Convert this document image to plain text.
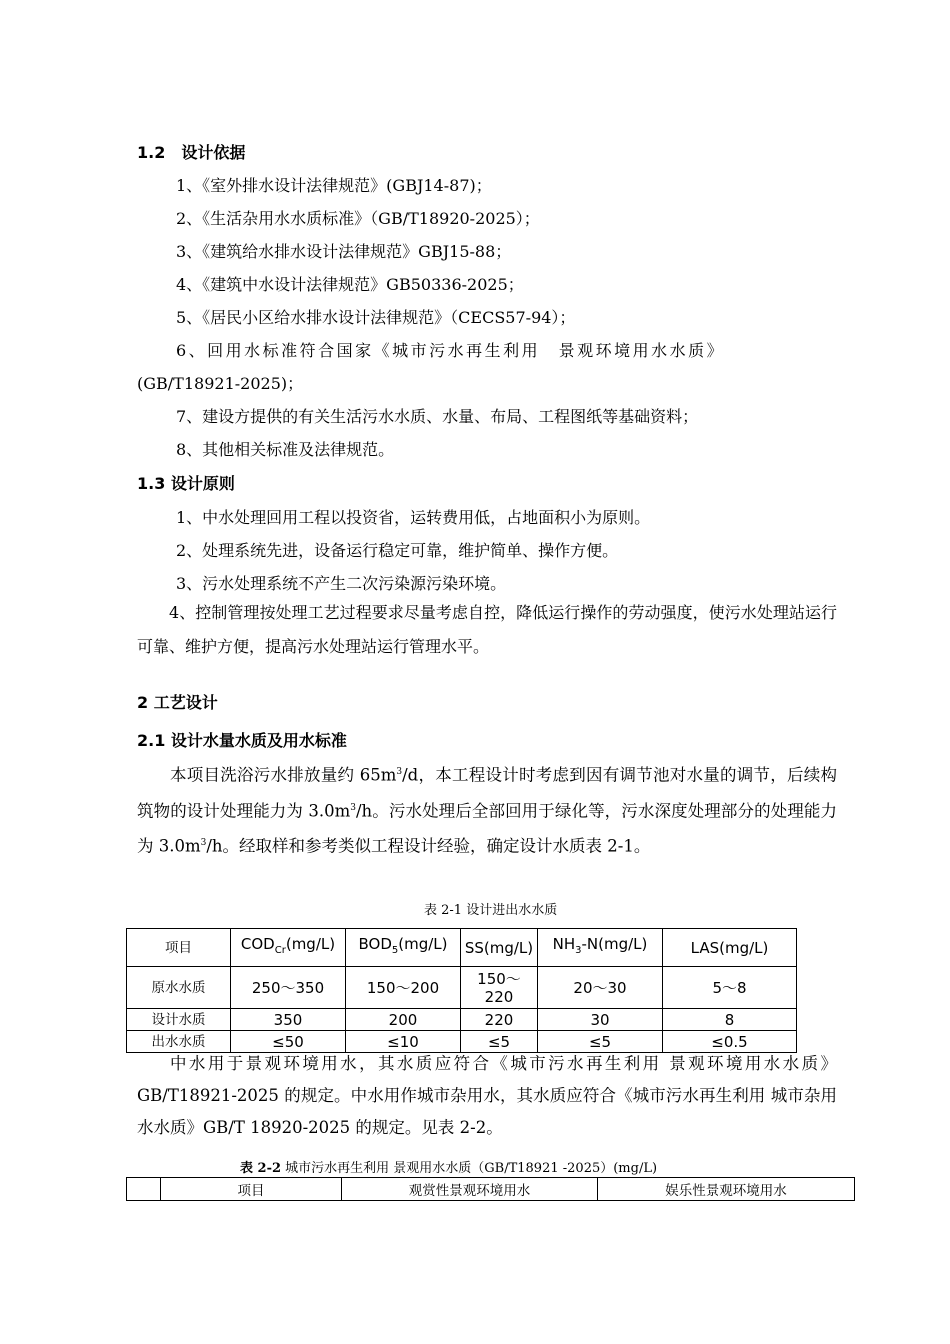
1.2　设计依据
1、《室外排水设计法律规范》(GBJ14-87)；
2、《生活杂用水水质标准》（GB/T18920-2025）；
3、《建筑给水排水设计法律规范》GBJ15-88；
4、《建筑中水设计法律规范》GB50336-2025；
5、《居民小区给水排水设计法律规范》（CECS57-94）；
6、回用水标准符合国家《城市污水再生利用　景观环境用水水质》
(GB/T18921-2025)；
7、建设方提供的有关生活污水水质、水量、布局、工程图纸等基础资料；
8、其他相关标准及法律规范。
1.3 设计原则
1、中水处理回用工程以投资省，运转费用低，占地面积小为原则。
2、处理系统先进，设备运行稳定可靠，维护简单、操作方便。
3、污水处理系统不产生二次污染源污染环境。

4、控制管理按处理工艺过程要求尽量考虑自控，降低运行操作的劳动强度，使污水处理站运行可靠、维护方便，提高污水处理站运行管理水平。

2 工艺设计
2.1 设计水量水质及用水标准

本项目洗浴污水排放量约 $65m^3/d$，本工程设计时考虑到因有调节池对水量的调节，后续构筑物的设计处理能力为 $3.0m^3/h$。污水处理后全部回用于绿化等，污水深度处理部分的处理能力为 $3.0m^3/h$。经取样和参考类似工程设计经验，确定设计水质表 2-1。

表 2-1 设计进出水水质
项目	$COD_{Cr}(mg/L)$	$BOD_5(mg/L)$	SS(mg/L)	$NH_3-N(mg/L)$	LAS(mg/L)
原水水质	250～350	150～200	150～220	20～30	5～8
设计水质	350	200	220	30	8
出水水质	≤50	≤10	≤5	≤5	≤0.5

中水用于景观环境用水，其水质应符合《城市污水再生利用 景观环境用水水质》GB/T18921-2025 的规定。中水用作城市杂用水，其水质应符合《城市污水再生利用 城市杂用水水质》GB/T 18920-2025 的规定。见表 2-2。

表 2-2 城市污水再生利用 景观用水水质（GB/T18921 -2025）(mg/L)
	项目	观赏性景观环境用水	娱乐性景观环境用水
